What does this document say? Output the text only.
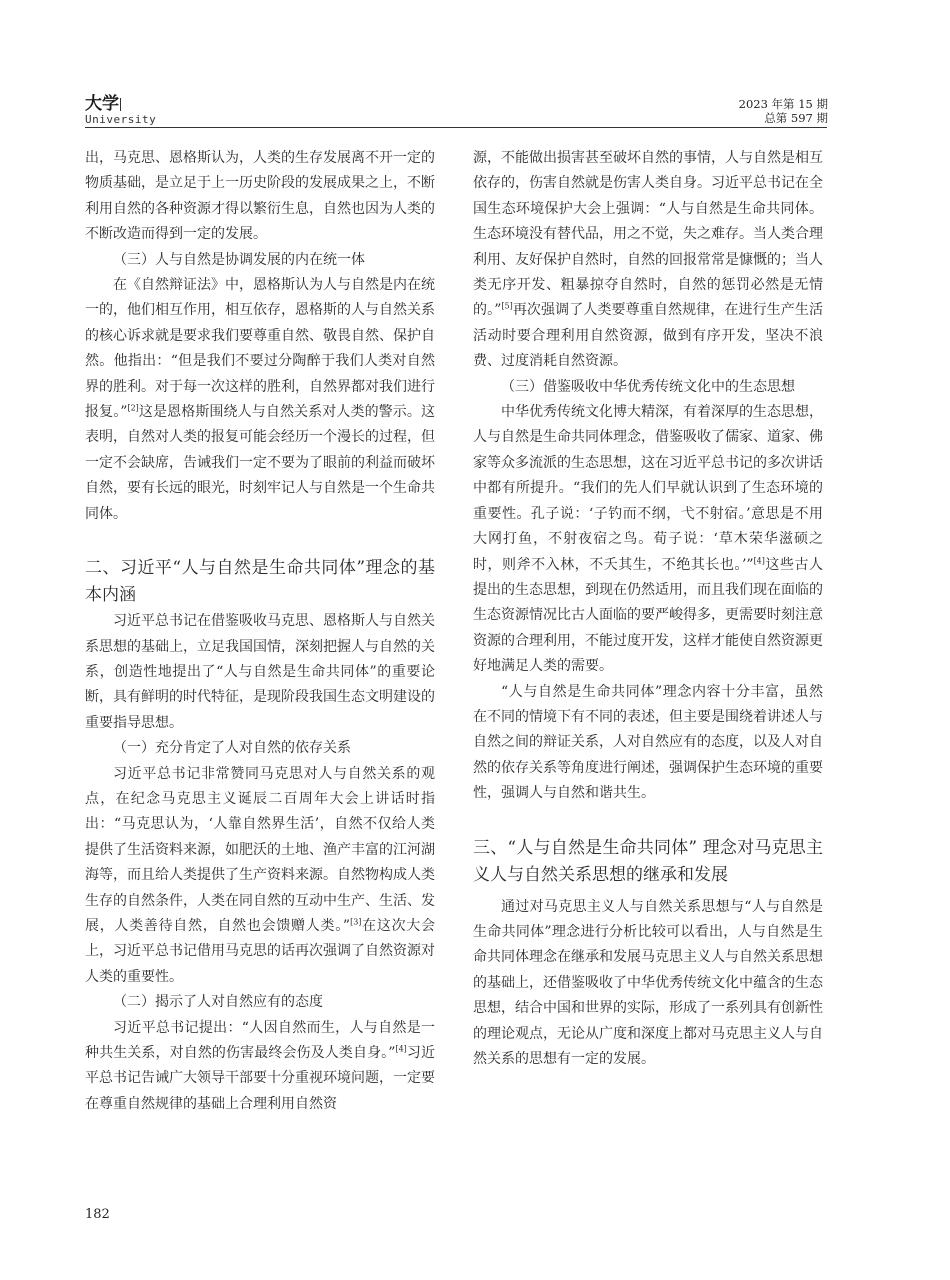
大学
University
2023 年第 15 期
总第 597 期

出，马克思、恩格斯认为，人类的生存发展离不开一定的物质基础，是立足于上一历史阶段的发展成果之上，不断利用自然的各种资源才得以繁衍生息，自然也因为人类的不断改造而得到一定的发展。

（三）人与自然是协调发展的内在统一体

在《自然辩证法》中，恩格斯认为人与自然是内在统一的，他们相互作用，相互依存，恩格斯的人与自然关系的核心诉求就是要求我们要尊重自然、敬畏自然、保护自然。他指出：“但是我们不要过分陶醉于我们人类对自然界的胜利。对于每一次这样的胜利，自然界都对我们进行报复。”[2]这是恩格斯围绕人与自然关系对人类的警示。这表明，自然对人类的报复可能会经历一个漫长的过程，但一定不会缺席，告诫我们一定不要为了眼前的利益而破坏自然，要有长远的眼光，时刻牢记人与自然是一个生命共同体。

二、习近平“人与自然是生命共同体”理念的基本内涵

习近平总书记在借鉴吸收马克思、恩格斯人与自然关系思想的基础上，立足我国国情，深刻把握人与自然的关系，创造性地提出了“人与自然是生命共同体”的重要论断，具有鲜明的时代特征，是现阶段我国生态文明建设的重要指导思想。

（一）充分肯定了人对自然的依存关系

习近平总书记非常赞同马克思对人与自然关系的观点，在纪念马克思主义诞辰二百周年大会上讲话时指出：“马克思认为，‘人靠自然界生活’，自然不仅给人类提供了生活资料来源，如肥沃的土地、渔产丰富的江河湖海等，而且给人类提供了生产资料来源。自然物构成人类生存的自然条件，人类在同自然的互动中生产、生活、发展，人类善待自然，自然也会馈赠人类。”[3]在这次大会上，习近平总书记借用马克思的话再次强调了自然资源对人类的重要性。

（二）揭示了人对自然应有的态度

习近平总书记提出：“人因自然而生，人与自然是一种共生关系，对自然的伤害最终会伤及人类自身。”[4]习近平总书记告诫广大领导干部要十分重视环境问题，一定要在尊重自然规律的基础上合理利用自然资

源，不能做出损害甚至破坏自然的事情，人与自然是相互依存的，伤害自然就是伤害人类自身。习近平总书记在全国生态环境保护大会上强调：“人与自然是生命共同体。生态环境没有替代品，用之不觉，失之难存。当人类合理利用、友好保护自然时，自然的回报常常是慷慨的；当人类无序开发、粗暴掠夺自然时，自然的惩罚必然是无情的。”[5]再次强调了人类要尊重自然规律，在进行生产生活活动时要合理利用自然资源，做到有序开发，坚决不浪费、过度消耗自然资源。

（三）借鉴吸收中华优秀传统文化中的生态思想

中华优秀传统文化博大精深，有着深厚的生态思想，人与自然是生命共同体理念，借鉴吸收了儒家、道家、佛家等众多流派的生态思想，这在习近平总书记的多次讲话中都有所提升。“我们的先人们早就认识到了生态环境的重要性。孔子说：‘子钓而不纲，弋不射宿。’意思是不用大网打鱼，不射夜宿之鸟。荀子说：‘草木荣华滋硕之时，则斧不入林，不夭其生，不绝其长也。’”[4]这些古人提出的生态思想，到现在仍然适用，而且我们现在面临的生态资源情况比古人面临的要严峻得多，更需要时刻注意资源的合理利用，不能过度开发，这样才能使自然资源更好地满足人类的需要。

“人与自然是生命共同体”理念内容十分丰富，虽然在不同的情境下有不同的表述，但主要是围绕着讲述人与自然之间的辩证关系，人对自然应有的态度，以及人对自然的依存关系等角度进行阐述，强调保护生态环境的重要性，强调人与自然和谐共生。

三、“人与自然是生命共同体” 理念对马克思主义人与自然关系思想的继承和发展

通过对马克思主义人与自然关系思想与“人与自然是生命共同体”理念进行分析比较可以看出，人与自然是生命共同体理念在继承和发展马克思主义人与自然关系思想的基础上，还借鉴吸收了中华优秀传统文化中蕴含的生态思想，结合中国和世界的实际，形成了一系列具有创新性的理论观点，无论从广度和深度上都对马克思主义人与自然关系的思想有一定的发展。

182
